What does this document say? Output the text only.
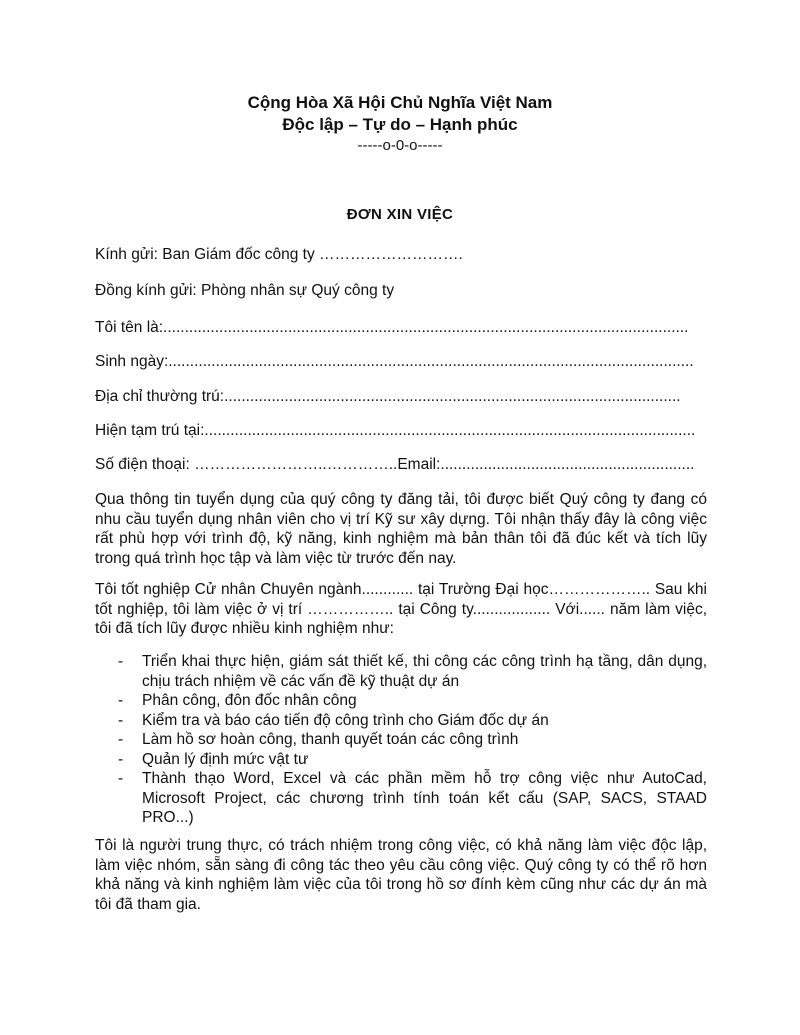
Cộng Hòa Xã Hội Chủ Nghĩa Việt Nam
Độc lập – Tự do – Hạnh phúc
-----o-0-o-----
ĐƠN XIN VIỆC
Kính gửi: Ban Giám đốc công ty ……………………….
Đồng kính gửi: Phòng nhân sự Quý công ty
Tôi tên là:..........................................................................................................................
Sinh ngày:..........................................................................................................................
Địa chỉ thường trú:..........................................................................................................
Hiện tạm trú tại:..................................................................................................................
Số điện thoại: ……………………..…………..Email:...........................................................
Qua thông tin tuyển dụng của quý công ty đăng tải, tôi được biết Quý công ty đang có nhu cầu tuyển dụng nhân viên cho vị trí Kỹ sư xây dựng. Tôi nhận thấy đây là công việc rất phù hợp với trình độ, kỹ năng, kinh nghiệm mà bản thân tôi đã đúc kết và tích lũy trong quá trình học tập và làm việc từ trước đến nay.
Tôi tốt nghiệp Cử nhân Chuyên ngành............ tại Trường Đại học……………….. Sau khi tốt nghiệp, tôi làm việc ở vị trí …………….. tại Công ty.................. Với...... năm làm việc, tôi đã tích lũy được nhiều kinh nghiệm như:
- Triển khai thực hiện, giám sát thiết kế, thi công các công trình hạ tầng, dân dụng, chịu trách nhiệm về các vấn đề kỹ thuật dự án
- Phân công, đôn đốc nhân công
- Kiểm tra và báo cáo tiến độ công trình cho Giám đốc dự án
- Làm hồ sơ hoàn công, thanh quyết toán các công trình
- Quản lý định mức vật tư
- Thành thạo Word, Excel và các phần mềm hỗ trợ công việc như AutoCad, Microsoft Project, các chương trình tính toán kết cấu (SAP, SACS, STAAD PRO...)
Tôi là người trung thực, có trách nhiệm trong công việc, có khả năng làm việc độc lập, làm việc nhóm, sẵn sàng đi công tác theo yêu cầu công việc. Quý công ty có thể rõ hơn khả năng và kinh nghiệm làm việc của tôi trong hồ sơ đính kèm cũng như các dự án mà tôi đã tham gia.
